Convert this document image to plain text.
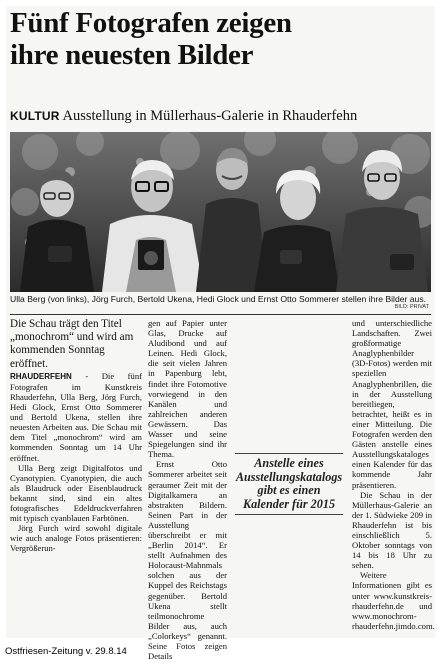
Fünf Fotografen zeigen
ihre neuesten Bilder
KULTUR Ausstellung in Müllerhaus-Galerie in Rhauderfehn
Ulla Berg (von links), Jörg Furch, Bertold Ukena, Hedi Glock und Ernst Otto Sommerer stellen ihre Bilder aus.
BILD: PRIVAT

Die Schau trägt den Titel „monochrom“ und wird am kommenden Sonntag eröffnet.

RHAUDERFEHN - Die fünf Fotografen im Kunstkreis Rhauderfehn, Ulla Berg, Jörg Furch, Hedi Glock, Ernst Otto Sommerer und Bertold Ukena, stellen ihre neuesten Arbeiten aus. Die Schau mit dem Titel „monochrom“ wird am kommenden Sonntag um 14 Uhr eröffnet.

Ulla Berg zeigt Digitalfotos und Cyanotypien. Cyanotypien, die auch als Blaudruck oder Eisenblaudruck bekannt sind, sind ein altes fotografisches Edeldruckverfahren mit typisch cyanblauen Farbtönen.

Jörg Furch wird sowohl digitale wie auch analoge Fotos präsentieren: Vergrößerun-

gen auf Papier unter Glas, Drucke auf Aludibond und auf Leinen. Hedi Glock, die seit vielen Jahren in Papenburg lebt, findet ihre Fotomotive vorwiegend in den Kanälen und zahlreichen anderen Gewässern. Das Wasser und seine Spiegelungen sind ihr Thema.

Ernst Otto Sommerer arbeitet seit geraumer Zeit mit der Digitalkamera an abstrakten Bildern. Seinen Part in der Ausstellung überschreibt er mit „Berlin 2014“. Er stellt Aufnahmen des Holocaust-Mahnmals solchen aus der Kuppel des Reichstags gegenüber. Bertold Ukena stellt teilmonochrome Bilder aus, auch „Colorkeys“ genannt. Seine Fotos zeigen Details

und unterschiedliche Landschaften. Zwei großformatige Anaglyphenbilder (3D-Fotos) werden mit speziellen Anaglyphenbrillen, die in der Ausstellung bereitliegen, betrachtet, heißt es in einer Mitteilung. Die Fotografen werden den Gästen anstelle eines Ausstellungskataloges einen Kalender für das kommende Jahr präsentieren.

Die Schau in der Müllerhaus-Galerie an der 1. Südwieke 209 in Rhauderfehn ist bis einschließlich 5. Oktober sonntags von 14 bis 18 Uhr zu sehen.

Weitere Informationen gibt es unter www.kunstkreis-rhauderfehn.de und www.monochrom-rhauderfehn.jimdo.com.

Anstelle eines Ausstellungskatalogs gibt es einen Kalender für 2015
Ostfriesen-Zeitung v. 29.8.14
